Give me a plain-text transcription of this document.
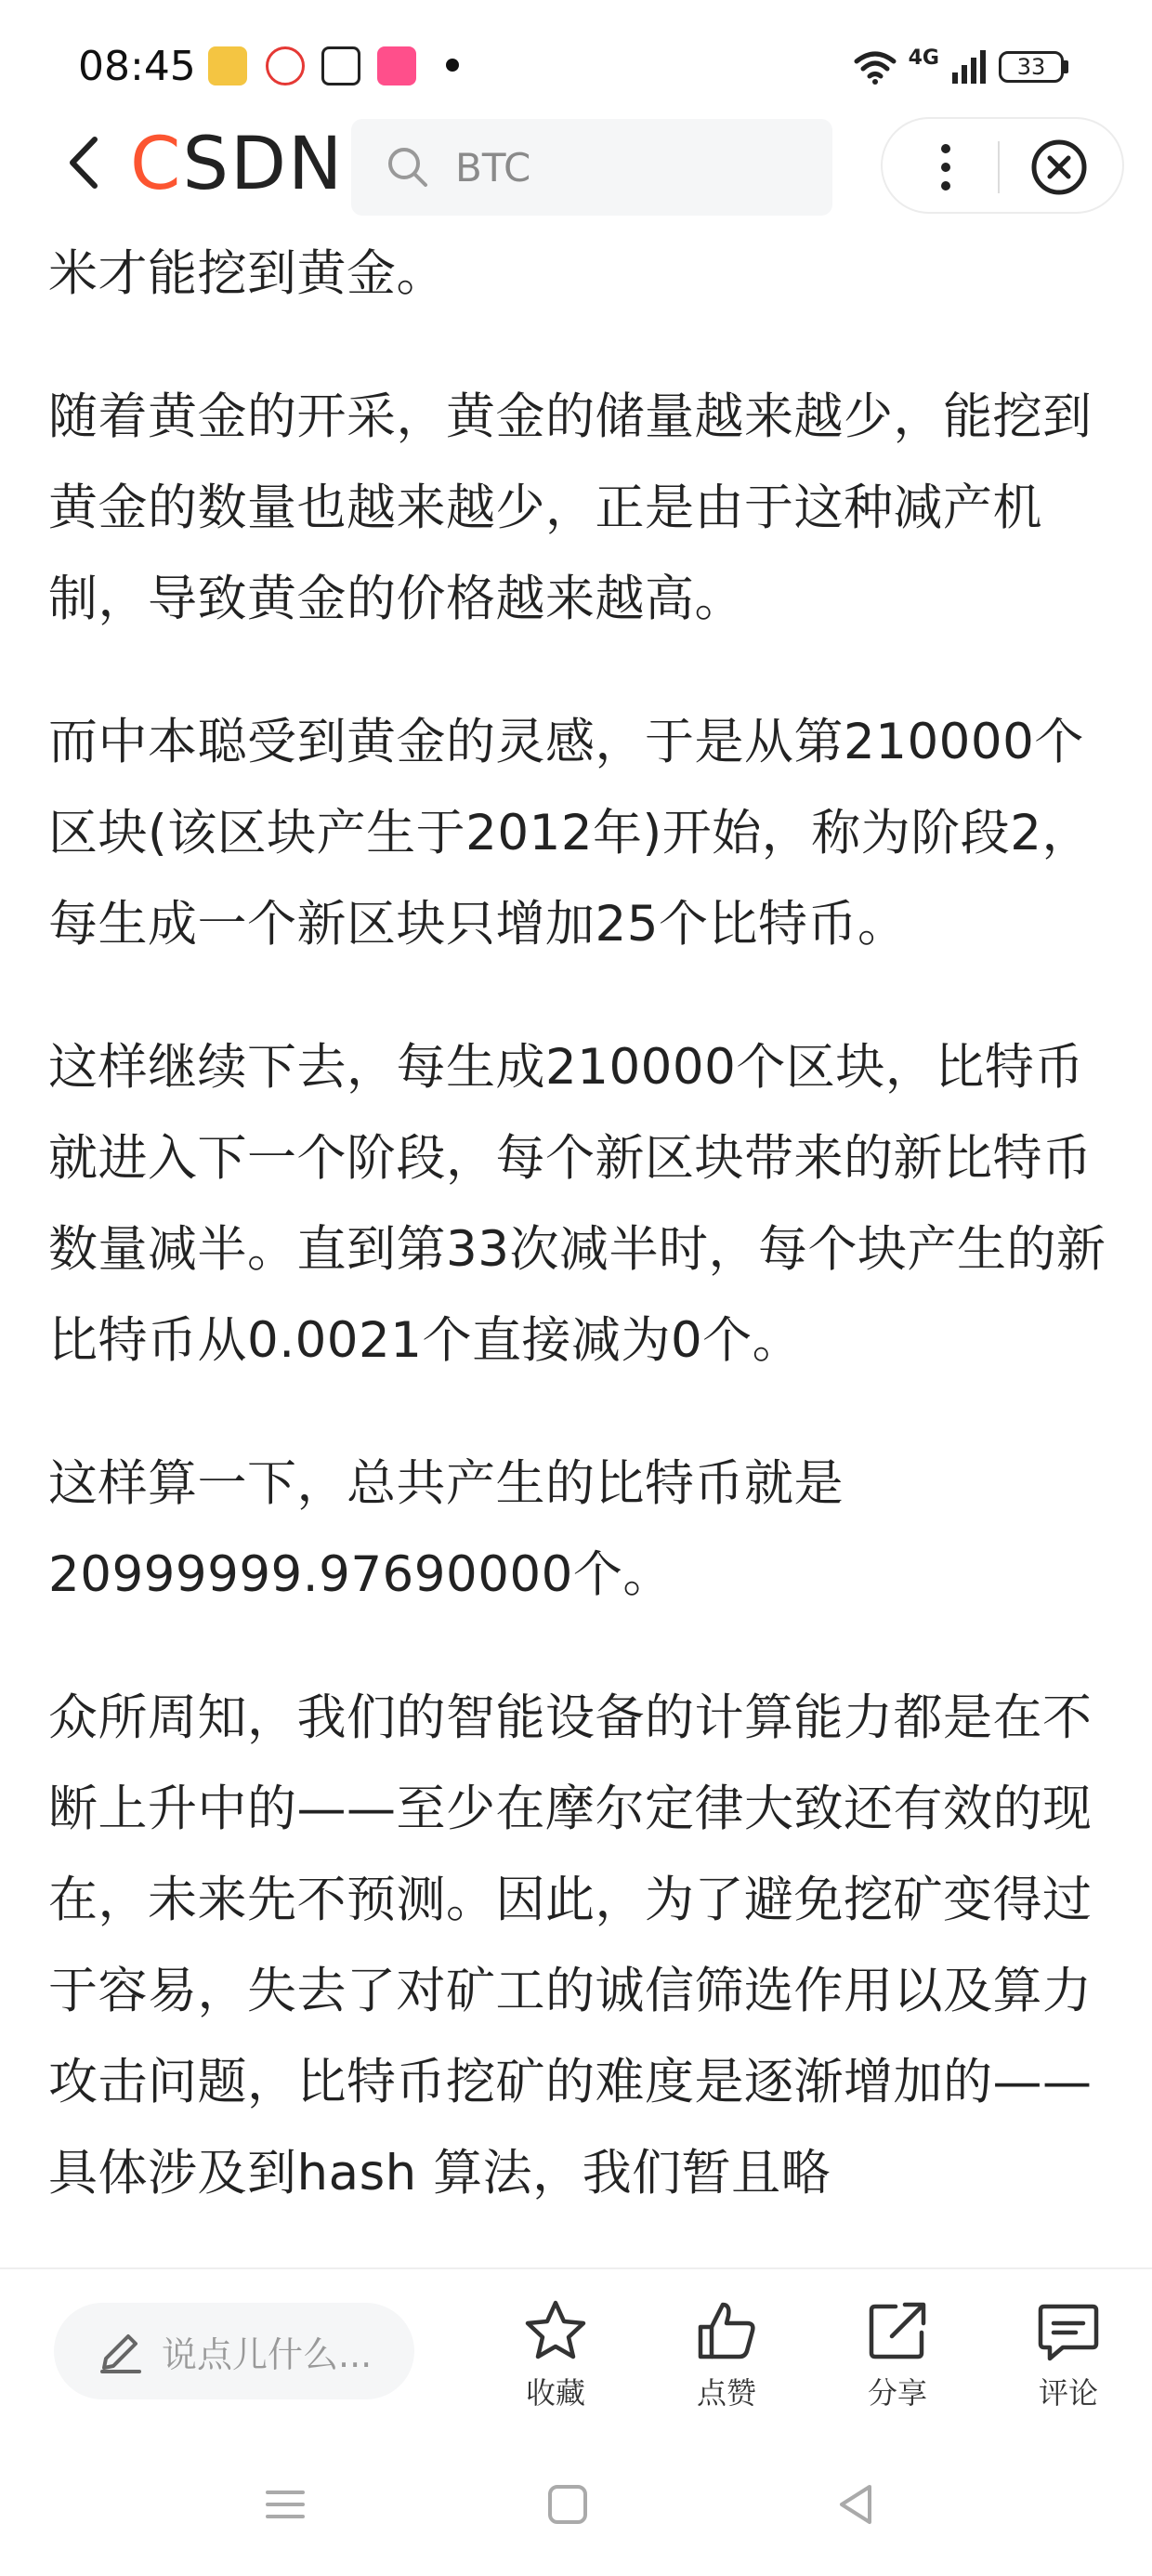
08:45	4G	33
CSDN	BTC

米才能挖到黄金。

随着黄金的开采，黄金的储量越来越少，能挖到黄金的数量也越来越少，正是由于这种减产机制，导致黄金的价格越来越高。

而中本聪受到黄金的灵感，于是从第210000个区块(该区块产生于2012年)开始，称为阶段2，每生成一个新区块只增加25个比特币。

这样继续下去，每生成210000个区块，比特币就进入下一个阶段，每个新区块带来的新比特币数量减半。直到第33次减半时，每个块产生的新比特币从0.0021个直接减为0个。

这样算一下，总共产生的比特币就是20999999.97690000个。

众所周知，我们的智能设备的计算能力都是在不断上升中的——至少在摩尔定律大致还有效的现在，未来先不预测。因此，为了避免挖矿变得过于容易，失去了对矿工的诚信筛选作用以及算力攻击问题，比特币挖矿的难度是逐渐增加的——具体涉及到hash 算法，我们暂且略

说点儿什么...
收藏	点赞	分享	评论
